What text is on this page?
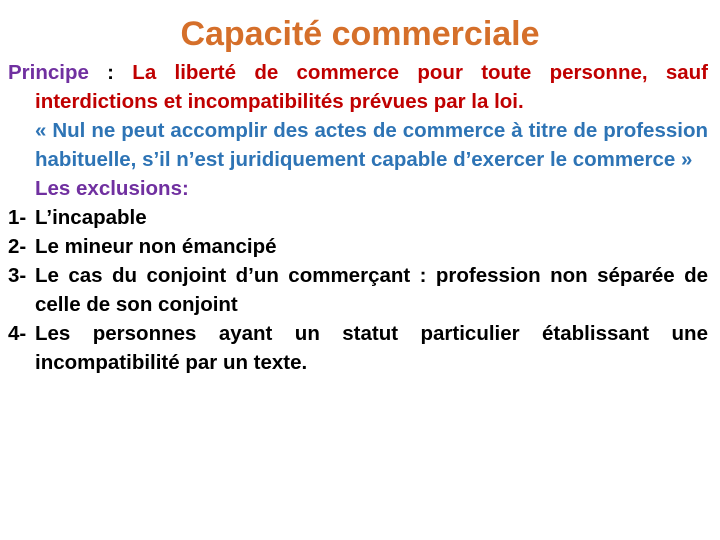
Capacité commerciale

Principe : La liberté de commerce pour toute personne, sauf interdictions et incompatibilités prévues par la loi.

« Nul ne peut accomplir des actes de commerce à titre de profession habituelle, s’il n’est juridiquement capable d’exercer le commerce »

Les exclusions:

1- L’incapable
2- Le mineur non émancipé
3- Le cas du conjoint d’un commerçant : profession non séparée de celle de son conjoint
4- Les personnes ayant un statut particulier établissant une incompatibilité par un texte.
